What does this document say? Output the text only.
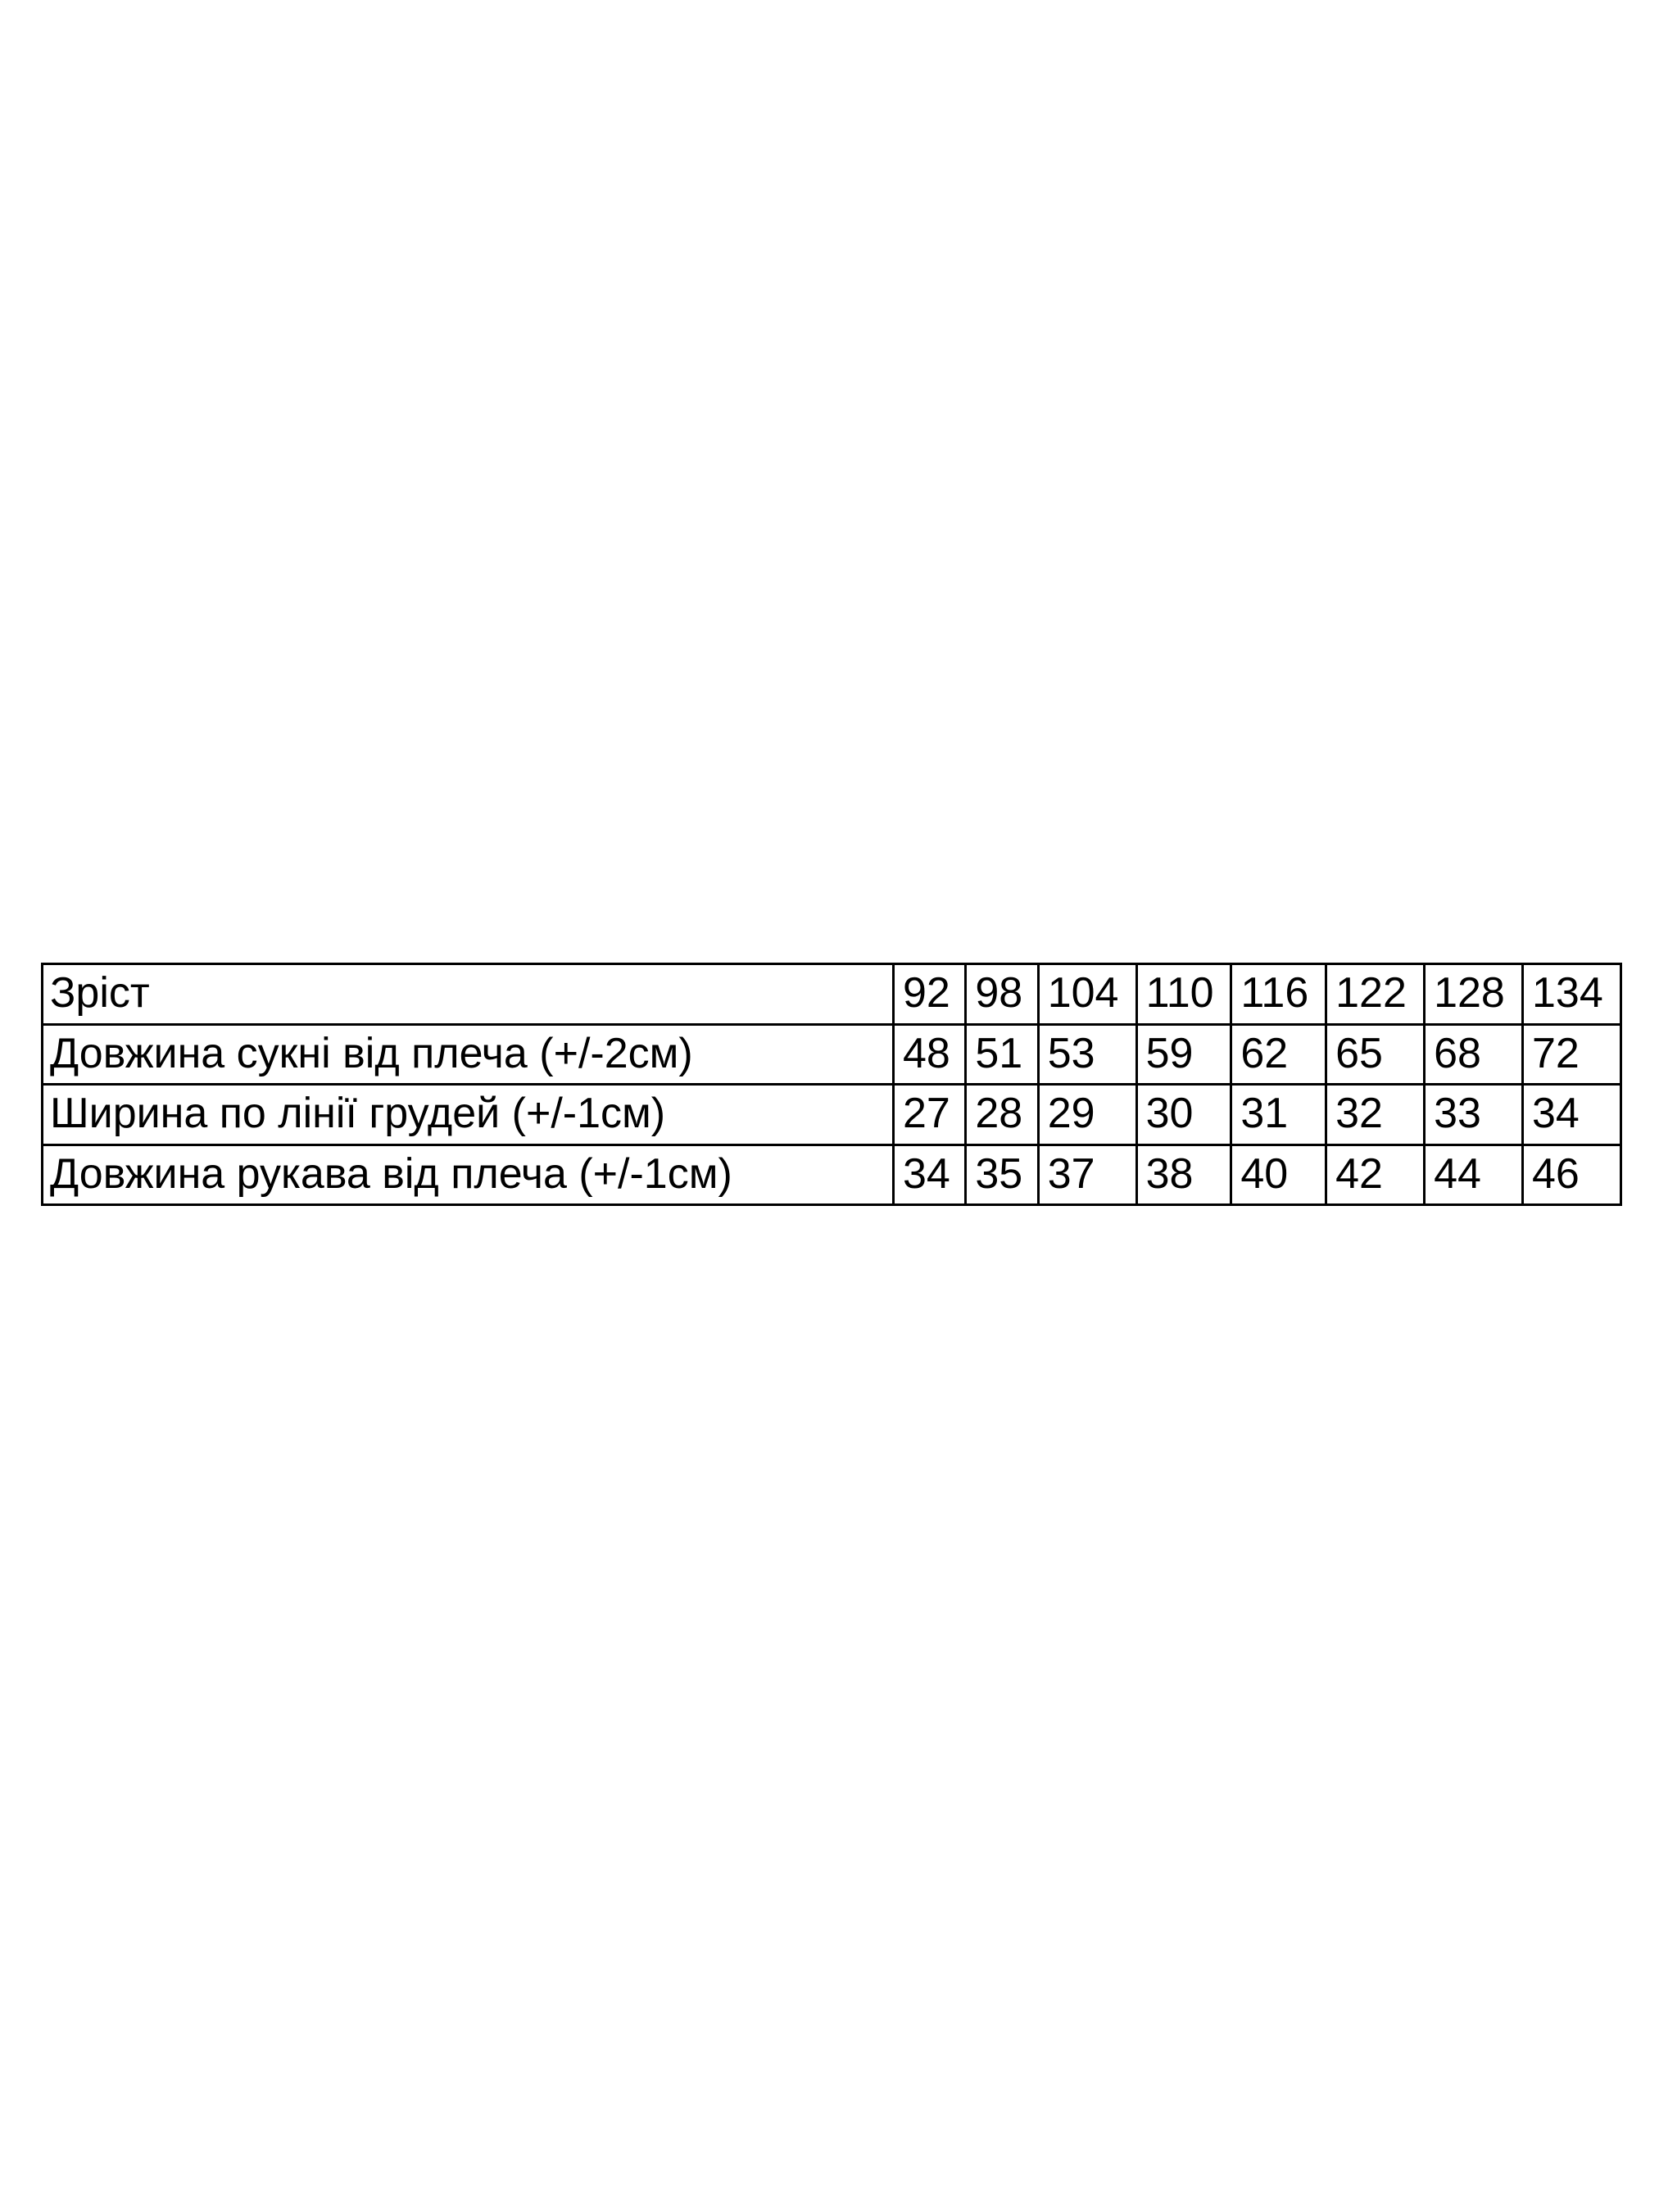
Зріст	92	98	104	110	116	122	128	134
Довжина сукні від плеча (+/-2см)	48	51	53	59	62	65	68	72
Ширина по лінії грудей (+/-1см)	27	28	29	30	31	32	33	34
Довжина рукава від плеча (+/-1см)	34	35	37	38	40	42	44	46
